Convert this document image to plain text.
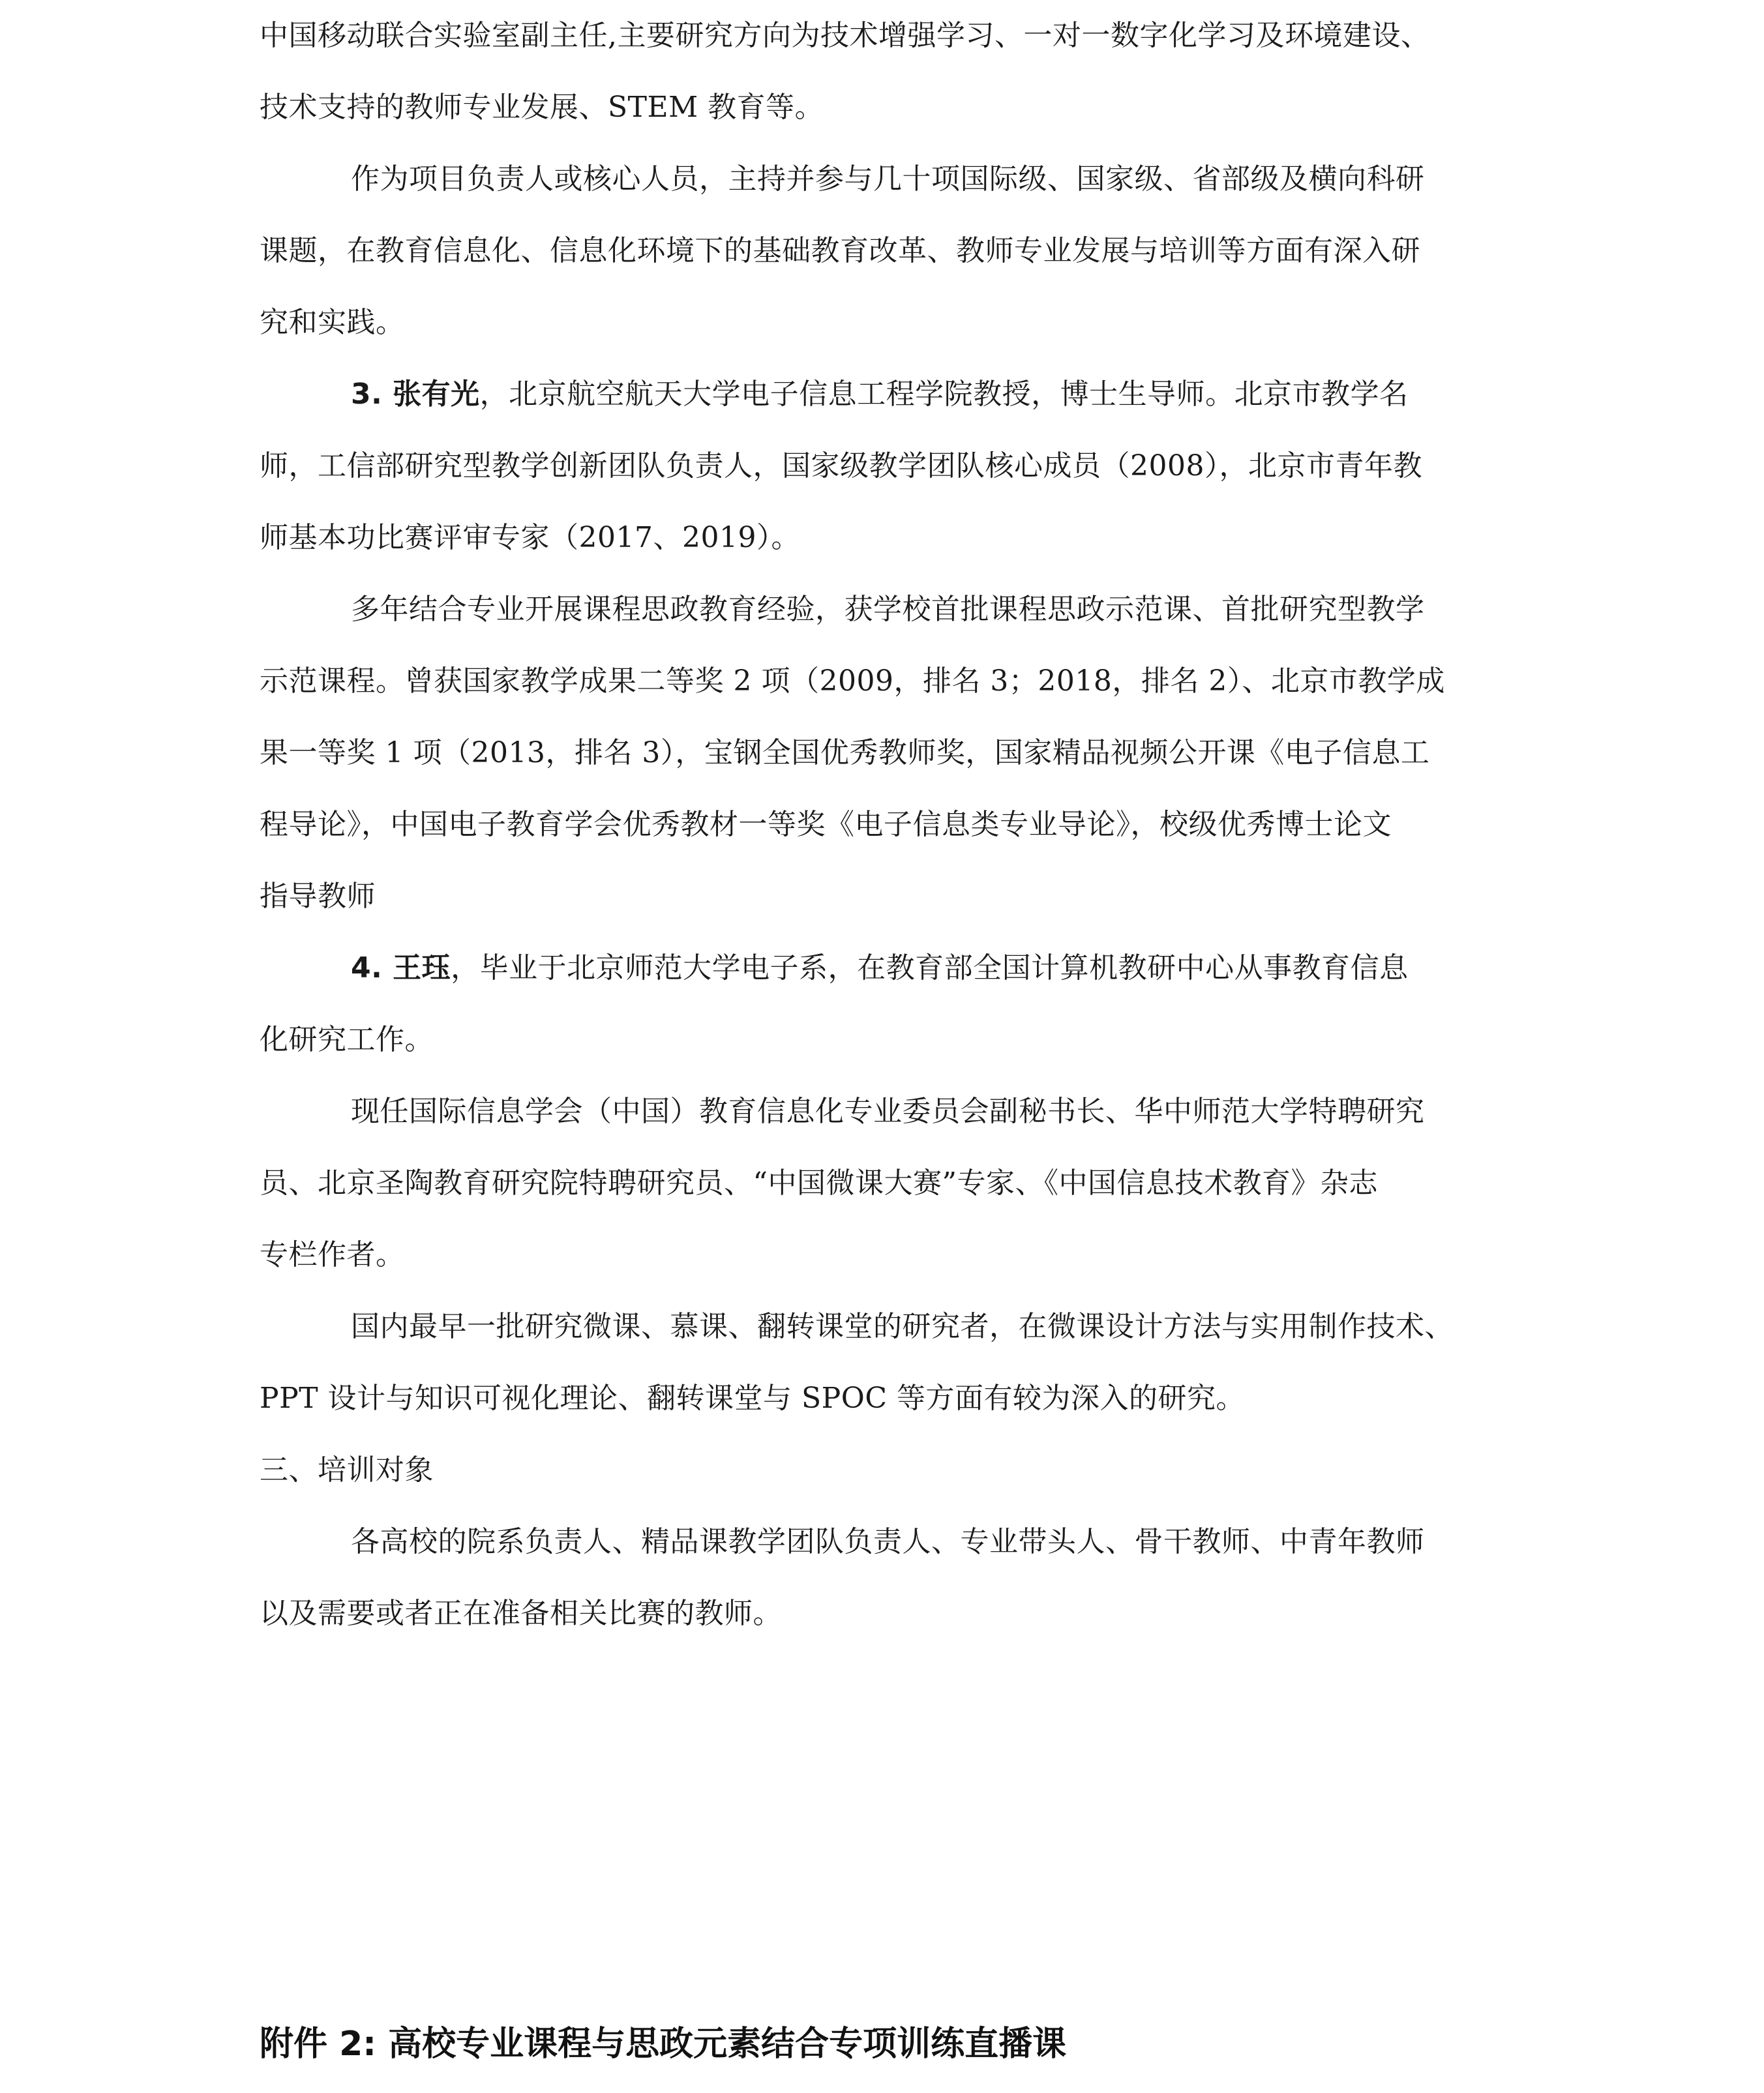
中国移动联合实验室副主任,主要研究方向为技术增强学习、一对一数字化学习及环境建设、
技术支持的教师专业发展、STEM 教育等。
作为项目负责人或核心人员，主持并参与几十项国际级、国家级、省部级及横向科研
课题，在教育信息化、信息化环境下的基础教育改革、教师专业发展与培训等方面有深入研
究和实践。
3. 张有光，北京航空航天大学电子信息工程学院教授，博士生导师。北京市教学名
师，工信部研究型教学创新团队负责人，国家级教学团队核心成员（2008），北京市青年教
师基本功比赛评审专家（2017、2019）。
多年结合专业开展课程思政教育经验，获学校首批课程思政示范课、首批研究型教学
示范课程。曾获国家教学成果二等奖 2 项（2009，排名 3；2018，排名 2）、北京市教学成
果一等奖 1 项（2013，排名 3），宝钢全国优秀教师奖，国家精品视频公开课《电子信息工
程导论》，中国电子教育学会优秀教材一等奖《电子信息类专业导论》，校级优秀博士论文
指导教师
4. 王珏，毕业于北京师范大学电子系，在教育部全国计算机教研中心从事教育信息
化研究工作。
现任国际信息学会（中国）教育信息化专业委员会副秘书长、华中师范大学特聘研究
员、北京圣陶教育研究院特聘研究员、“中国微课大赛”专家、《中国信息技术教育》杂志
专栏作者。
国内最早一批研究微课、慕课、翻转课堂的研究者，在微课设计方法与实用制作技术、
PPT 设计与知识可视化理论、翻转课堂与 SPOC 等方面有较为深入的研究。
三、培训对象
各高校的院系负责人、精品课教学团队负责人、专业带头人、骨干教师、中青年教师
以及需要或者正在准备相关比赛的教师。
附件 2: 高校专业课程与思政元素结合专项训练直播课
